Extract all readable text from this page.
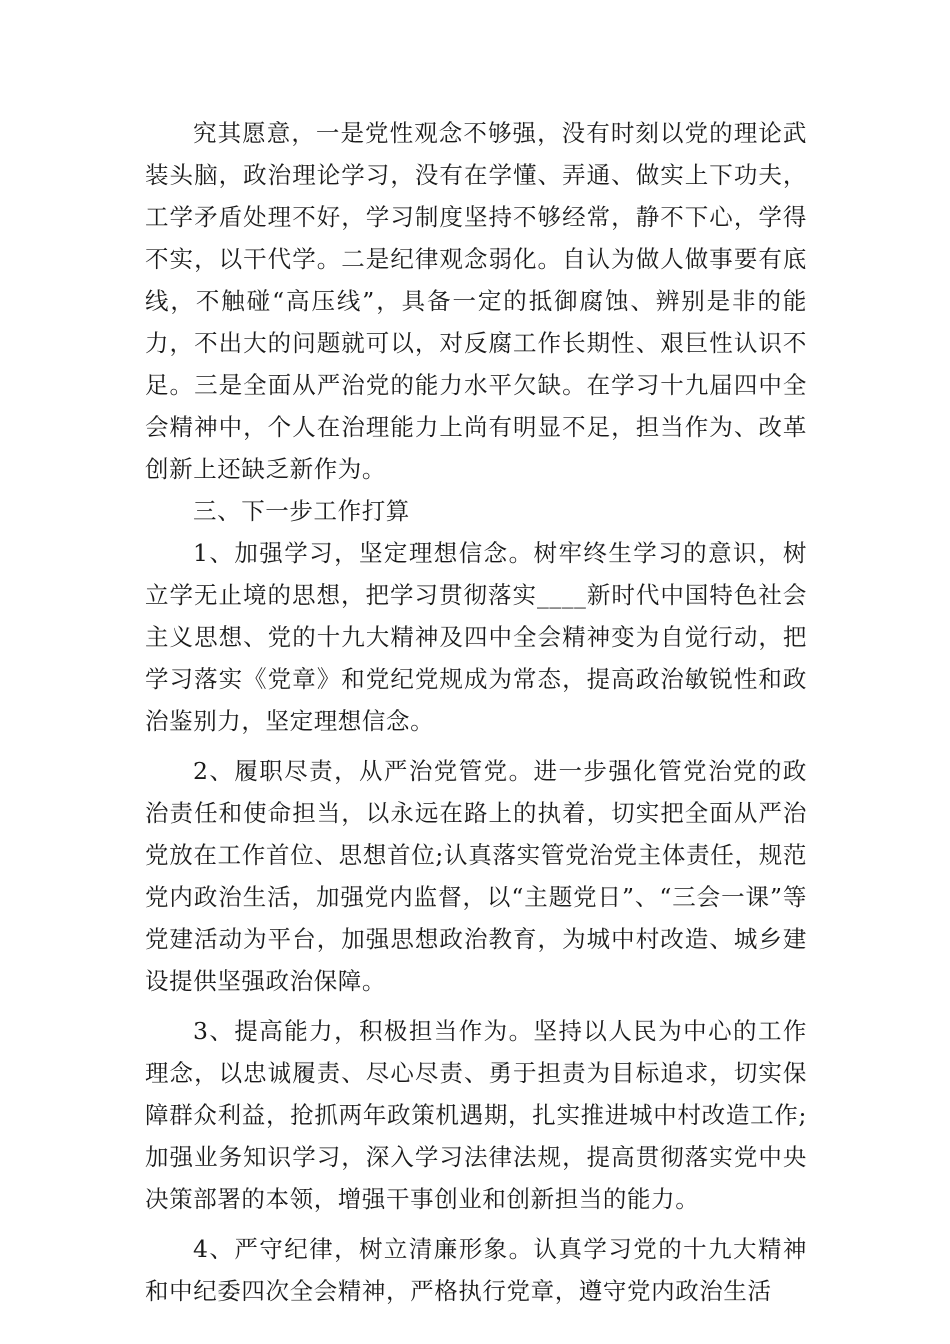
究其愿意，一是党性观念不够强，没有时刻以党的理论武装头脑，政治理论学习，没有在学懂、弄通、做实上下功夫，工学矛盾处理不好，学习制度坚持不够经常，静不下心，学得不实，以干代学。二是纪律观念弱化。自认为做人做事要有底线，不触碰“高压线”，具备一定的抵御腐蚀、辨别是非的能力，不出大的问题就可以，对反腐工作长期性、艰巨性认识不足。三是全面从严治党的能力水平欠缺。在学习十九届四中全会精神中，个人在治理能力上尚有明显不足，担当作为、改革创新上还缺乏新作为。

三、下一步工作打算

1、加强学习，坚定理想信念。树牢终生学习的意识，树立学无止境的思想，把学习贯彻落实____新时代中国特色社会主义思想、党的十九大精神及四中全会精神变为自觉行动，把学习落实《党章》和党纪党规成为常态，提高政治敏锐性和政治鉴别力，坚定理想信念。

2、履职尽责，从严治党管党。进一步强化管党治党的政治责任和使命担当，以永远在路上的执着，切实把全面从严治党放在工作首位、思想首位;认真落实管党治党主体责任，规范党内政治生活，加强党内监督，以“主题党日”、“三会一课”等党建活动为平台，加强思想政治教育，为城中村改造、城乡建设提供坚强政治保障。

3、提高能力，积极担当作为。坚持以人民为中心的工作理念，以忠诚履责、尽心尽责、勇于担责为目标追求，切实保障群众利益，抢抓两年政策机遇期，扎实推进城中村改造工作;加强业务知识学习，深入学习法律法规，提高贯彻落实党中央决策部署的本领，增强干事创业和创新担当的能力。

4、严守纪律，树立清廉形象。认真学习党的十九大精神和中纪委四次全会精神，严格执行党章，遵守党内政治生活
